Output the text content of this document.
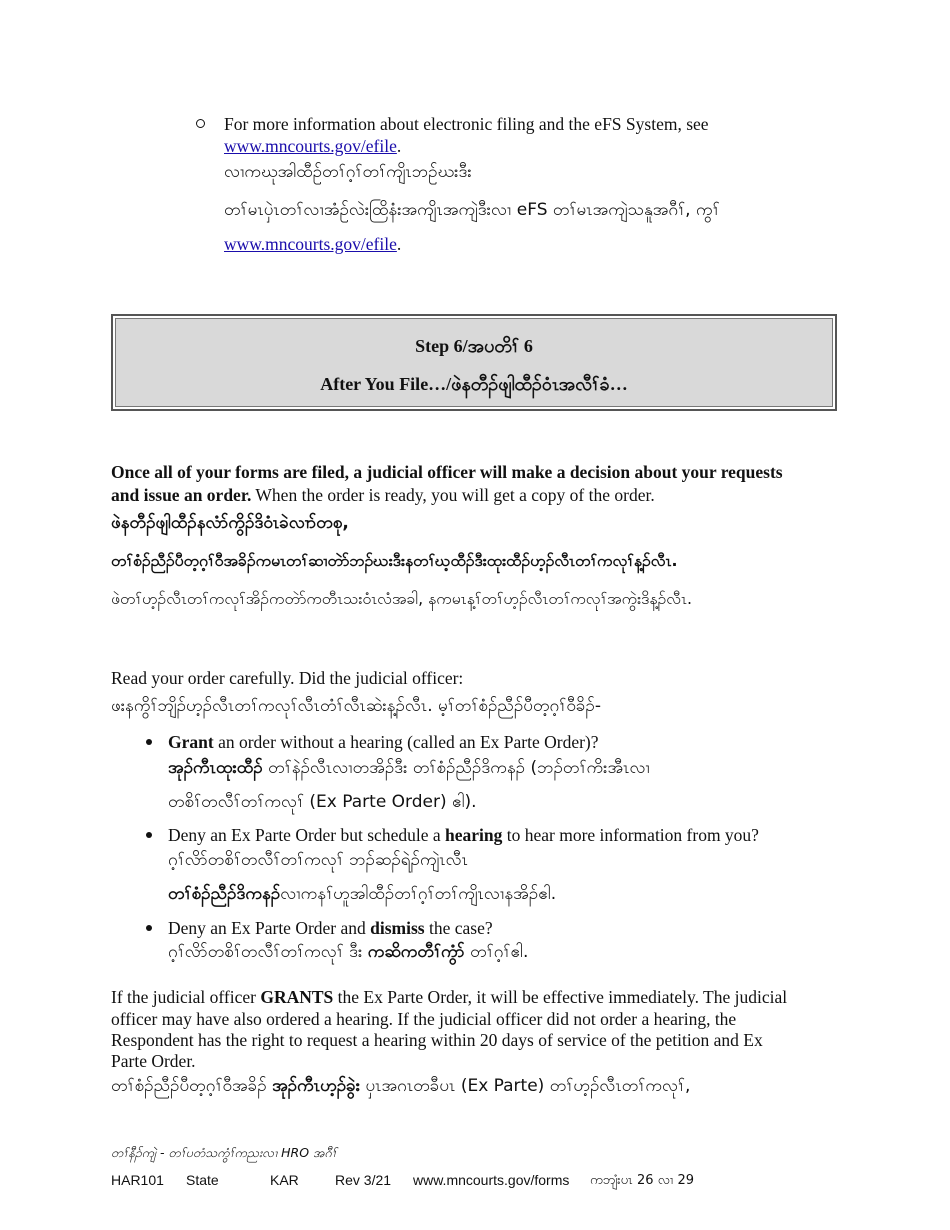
For more information about electronic filing and the eFS System, see
www.mncourts.gov/efile.
လၢကဃုအါထီဉ်တၢ်ဂ့ၢ်တၢ်ကျိၤဘဉ်ဃးဒီး
တၢ်မၤပှဲၤတၢ်လၢအံဉ်လဲးထြိနံးအကျိၤအကျဲဒီးလၢ eFS တၢ်မၤအကျဲသနူအဂီၢ်, ကွၢ်
www.mncourts.gov/efile.
Step 6/အပတိၢ် 6
After You File…/ဖဲနတီၣ်ဖျါထီၣ်ဝံၤအလီၢ်ခံ…
Once all of your forms are filed, a judicial officer will make a decision about your requests
and issue an order. When the order is ready, you will get a copy of the order.
ဖဲနတီၣ်ဖျါထီၣ်နလံာ်ကွိၣ်ဒိဝံၤခဲလၢာ်တစု,
တၢ်စံၣ်ညီၣ်ပီတ့ဂ့ၢ်ဝီအခိၣ်ကမၤတၢ်ဆၢတဲာ်ဘၣ်ဃးဒီးနတၢ်ဃ့ထီၣ်ဒီးထုးထီၣ်ဟ့ၣ်လီၤတၢ်ကလုၢ်န့ၣ်လီၤ.
ဖဲတၢ်ဟ့ၣ်လီၤတၢ်ကလုၢ်အိၣ်ကတဲာ်ကတီၤသးဝံၤလံအခါ, နကမၤန့ၢ်တၢ်ဟ့ၣ်လီၤတၢ်ကလုၢ်အကွဲးဒိန့ၣ်လီၤ.
Read your order carefully. Did the judicial officer:
ဖးနကွိၢ်ဘျိၣ်ဟ့ၣ်လီၤတၢ်ကလုၢ်လီၤတံၢ်လီၤဆဲးန့ၣ်လီၤ. မ့ၢ်တၢ်စံၣ်ညီၣ်ပီတ့ဂ့ၢ်ဝီခိၣ်-
Grant an order without a hearing (called an Ex Parte Order)?
အုၣ်ကီၤထုးထီၣ် တၢ်နဲၣ်လီၤလၢတအိၣ်ဒီး တၢ်စံၣ်ညီၣ်ဒိကနၣ် (ဘၣ်တၢ်ကိးအီၤလၢ
တစိၢ်တလီၢ်တၢ်ကလုၢ် (Ex Parte Order) ဧါ).
Deny an Ex Parte Order but schedule a hearing to hear more information from you?
ဂ့ၢ်လိာ်တစိၢ်တလီၢ်တၢ်ကလုၢ် ဘၣ်ဆၣ်ရဲၣ်ကျဲၤလီၤ
တၢ်စံၣ်ညီၣ်ဒိကနၣ်လၢကနၢ်ဟူအါထီၣ်တၢ်ဂ့ၢ်တၢ်ကျိၤလၢနအိၣ်ဧါ.
Deny an Ex Parte Order and dismiss the case?
ဂ့ၢ်လိာ်တစိၢ်တလီၢ်တၢ်ကလုၢ် ဒီး ကဆိကတီၢ်ကွံာ် တၢ်ဂ့ၢ်ဧါ.
If the judicial officer GRANTS the Ex Parte Order, it will be effective immediately. The judicial
officer may have also ordered a hearing. If the judicial officer did not order a hearing, the
Respondent has the right to request a hearing within 20 days of service of the petition and Ex
Parte Order.
တၢ်စံၣ်ညီၣ်ပီတ့ဂ့ၢ်ဝီအခိၣ် အုၣ်ကီၤဟ့ၣ်ခွဲး ပှၤအဂၤတခီပၤ (Ex Parte) တၢ်ဟ့ၣ်လီၤတၢ်ကလုၢ်,
တၢ်နီၣ်ကျဲ - တၢ်ပတံသကွံၢ်ကညးလၢ HRO အဂီၢ်
HAR101 State	KAR	Rev 3/21 www.mncourts.gov/forms ကဘျံးပၤ 26 လၢ 29
